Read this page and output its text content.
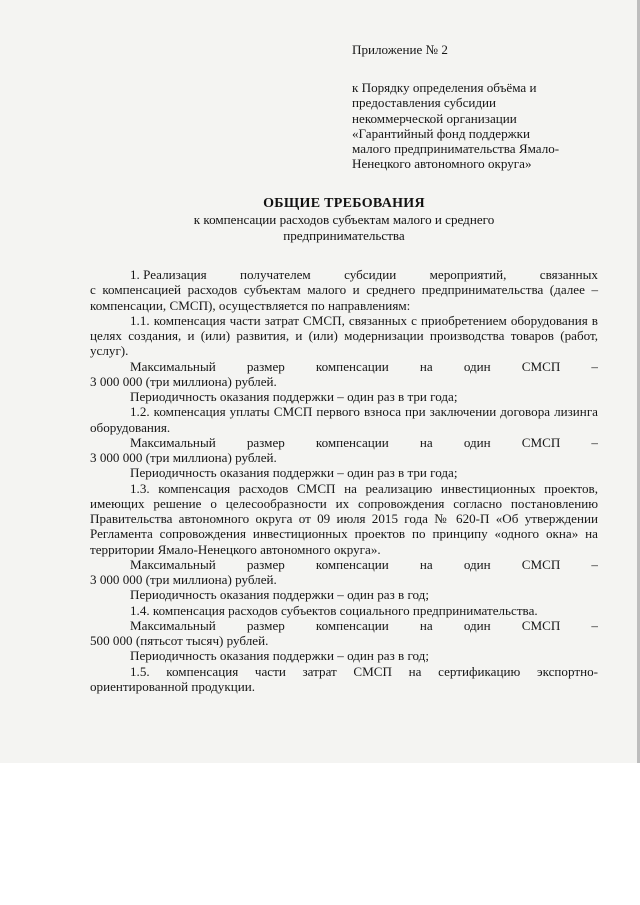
Приложение № 2
к Порядку определения объёма и
предоставления субсидии
некоммерческой организации
«Гарантийный фонд поддержки
малого предпринимательства Ямало-
Ненецкого автономного округа»
ОБЩИЕ ТРЕБОВАНИЯ
к компенсации расходов субъектам малого и среднего
предпринимательства
1. Реализация	получателем	субсидии	мероприятий,	связанных

с компенсацией расходов субъектам малого и среднего предпринимательства (далее – компенсации, СМСП), осуществляется по направлениям:

1.1. компенсация части затрат СМСП, связанных с приобретением оборудования в целях создания, и (или) развития, и (или) модернизации производства товаров (работ, услуг).

Максимальный размер компенсации на один СМСП –

3 000 000 (три миллиона) рублей.

Периодичность оказания поддержки – один раз в три года;

1.2. компенсация уплаты СМСП первого взноса при заключении договора лизинга оборудования.

Максимальный размер компенсации на один СМСП –

3 000 000 (три миллиона) рублей.

Периодичность оказания поддержки – один раз в три года;

1.3. компенсация расходов СМСП на реализацию инвестиционных проектов, имеющих решение о целесообразности их сопровождения согласно постановлению Правительства автономного округа от 09 июля 2015 года № 620-П «Об утверждении Регламента сопровождения инвестиционных проектов по принципу «одного окна» на территории Ямало-Ненецкого автономного округа».

Максимальный размер компенсации на один СМСП –

3 000 000 (три миллиона) рублей.

Периодичность оказания поддержки – один раз в год;

1.4. компенсация расходов субъектов социального предпринимательства.

Максимальный размер компенсации на один СМСП –

500 000 (пятьсот тысяч) рублей.

Периодичность оказания поддержки – один раз в год;

1.5. компенсация части затрат СМСП на сертификацию экспортно-ориентированной продукции.
